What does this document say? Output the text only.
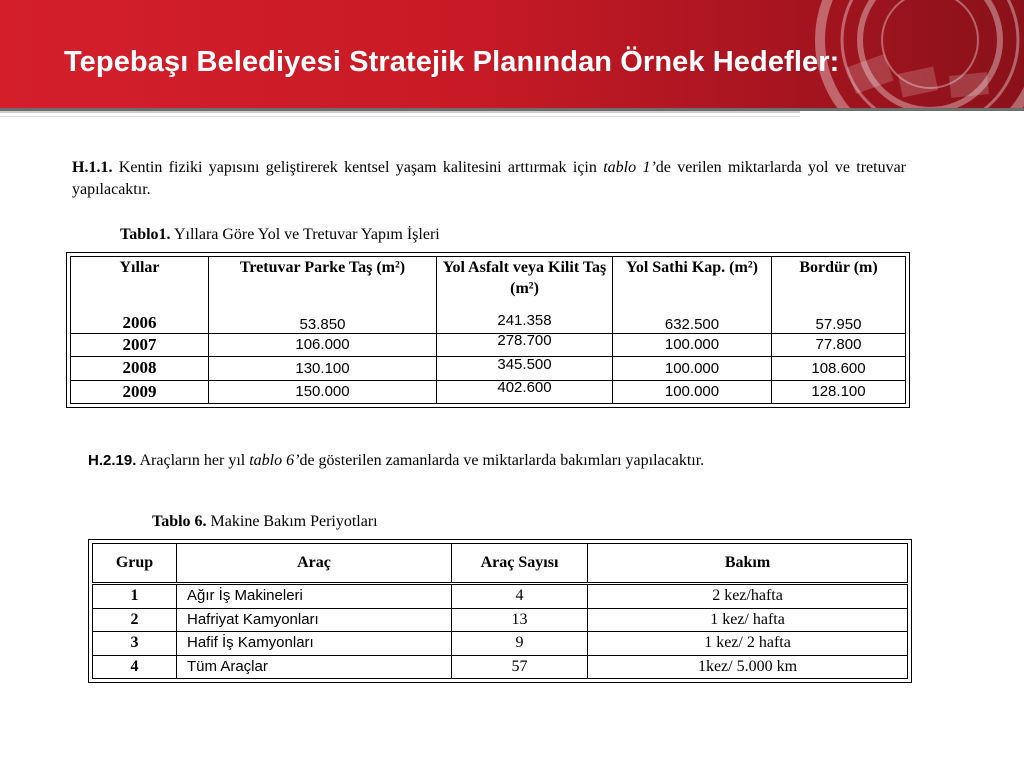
Tepebaşı Belediyesi Stratejik Planından Örnek Hedefler:
H.1.1. Kentin fiziki yapısını geliştirerek kentsel yaşam kalitesini arttırmak için tablo 1’de verilen miktarlarda yol ve tretuvar yapılacaktır.
Tablo1. Yıllara Göre Yol ve Tretuvar Yapım İşleri
Yıllar	Tretuvar Parke Taş (m²)	Yol Asfalt veya Kilit Taş (m²)	Yol Sathi Kap. (m²)	Bordür (m)
2006	53.850	241.358	632.500	57.950
2007	106.000	278.700	100.000	77.800
2008	130.100	345.500	100.000	108.600
2009	150.000	402.600	100.000	128.100
H.2.19. Araçların her yıl tablo 6’de gösterilen zamanlarda ve miktarlarda bakımları yapılacaktır.
Tablo 6. Makine Bakım Periyotları
Grup	Araç	Araç Sayısı	Bakım
1	Ağır İş Makineleri	4	2 kez/hafta
2	Hafriyat Kamyonları	13	1 kez/ hafta
3	Hafif İş Kamyonları	9	1 kez/ 2 hafta
4	Tüm Araçlar	57	1kez/ 5.000 km
